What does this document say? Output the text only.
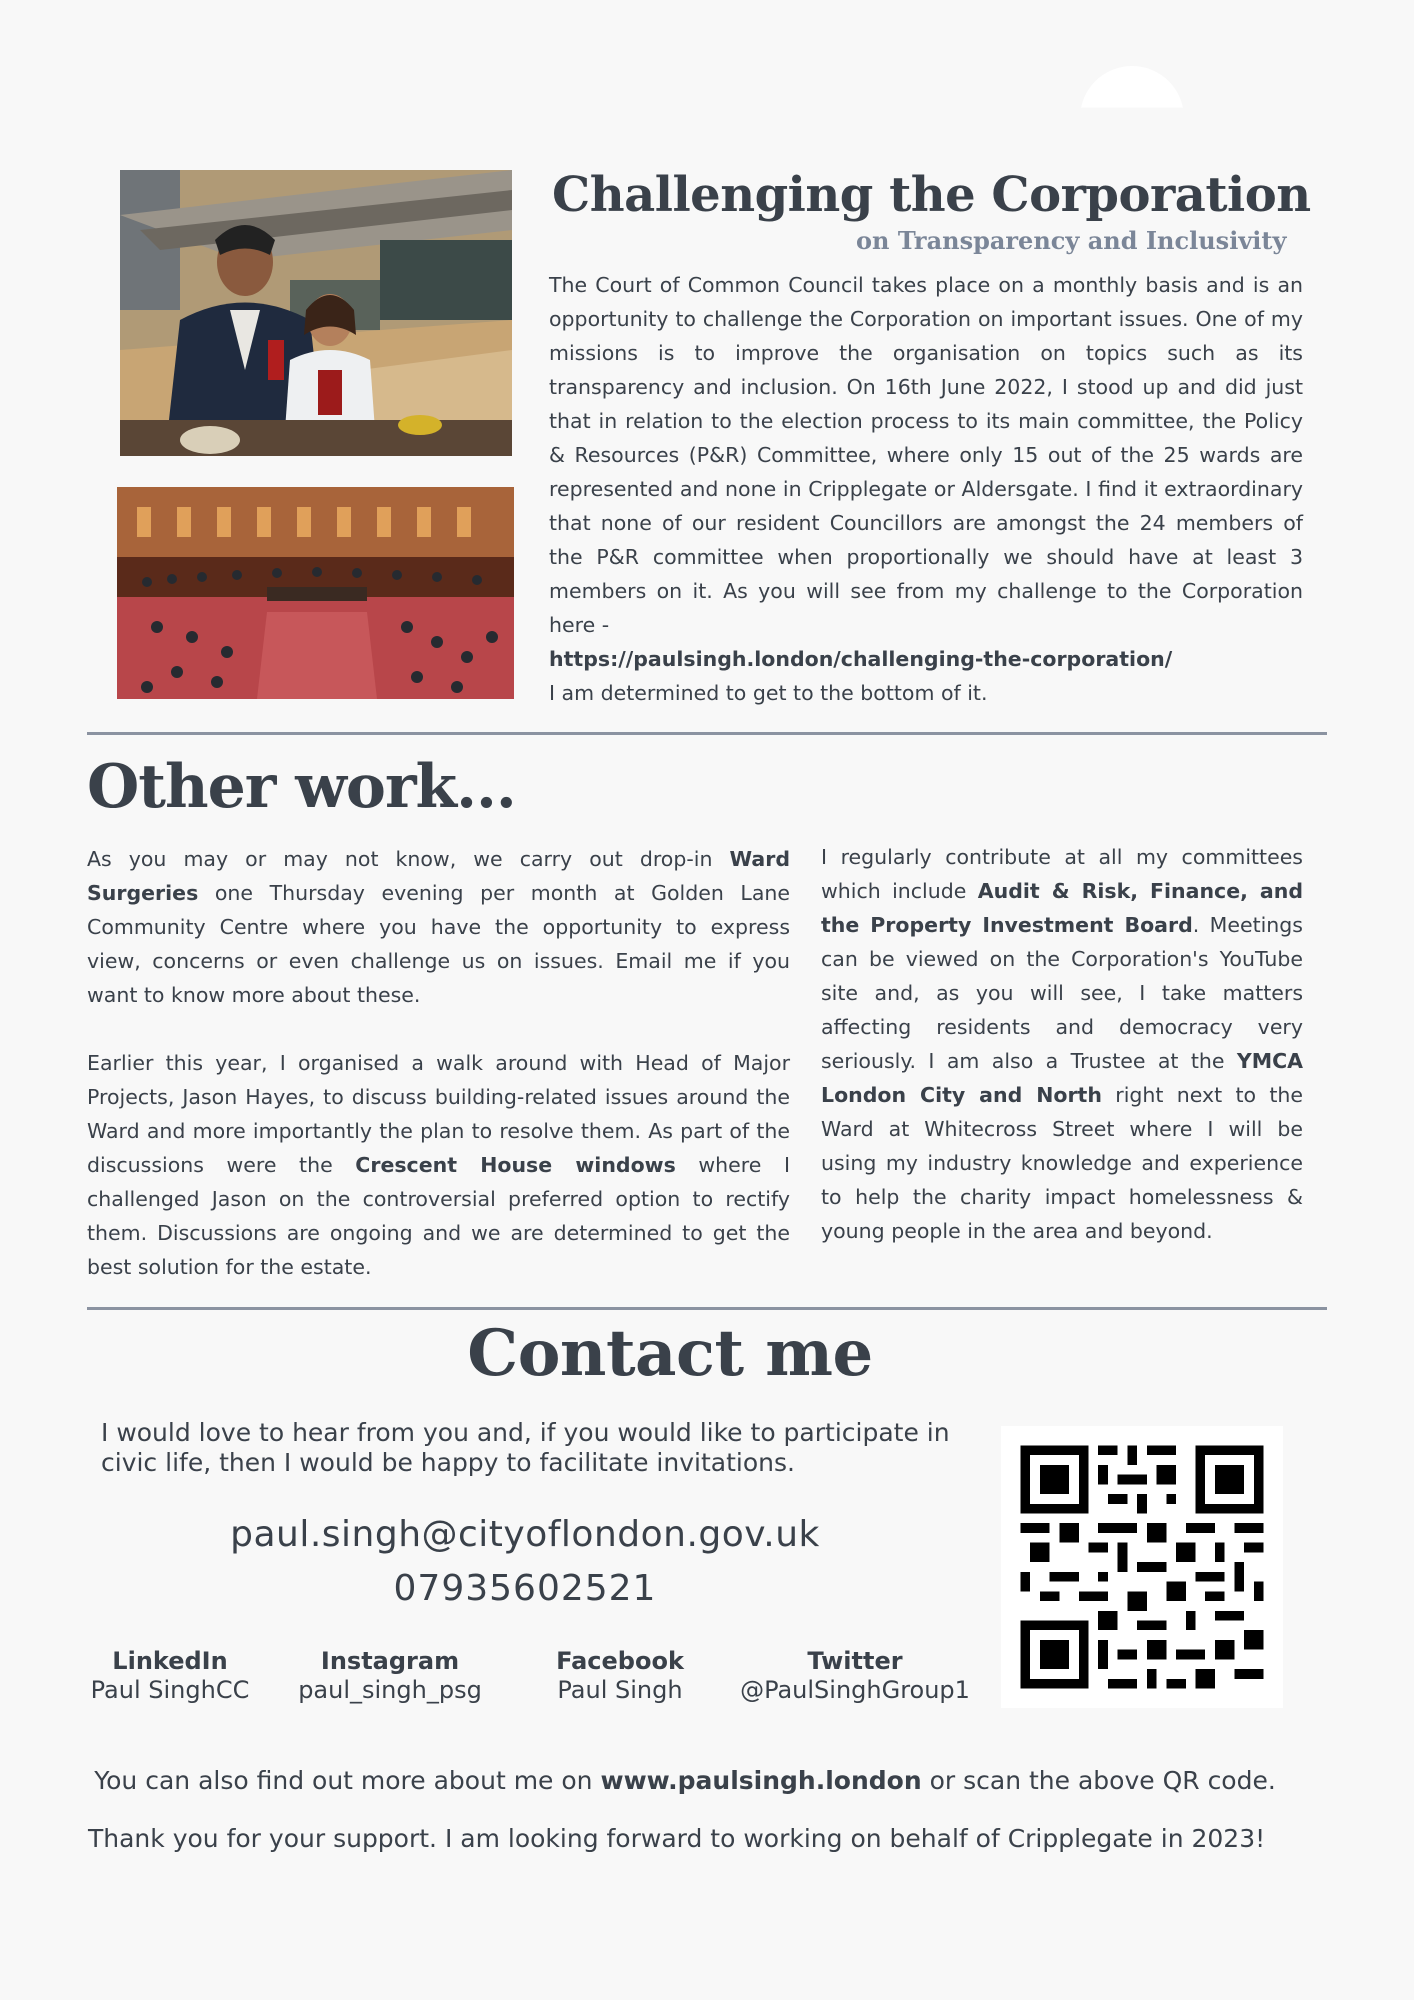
Challenging the Corporation
on Transparency and Inclusivity
The Court of Common Council takes place on a monthly basis and is an opportunity to challenge the Corporation on important issues. One of my missions is to improve the organisation on topics such as its transparency and inclusion. On 16th June 2022, I stood up and did just that in relation to the election process to its main committee, the Policy & Resources (P&R) Committee, where only 15 out of the 25 wards are represented and none in Cripplegate or Aldersgate. I find it extraordinary that none of our resident Councillors are amongst the 24 members of the P&R committee when proportionally we should have at least 3 members on it. As you will see from my challenge to the Corporation here -
https://paulsingh.london/challenging-the-corporation/
I am determined to get to the bottom of it.
Other work...

As you may or may not know, we carry out drop-in Ward Surgeries one Thursday evening per month at Golden Lane Community Centre where you have the opportunity to express view, concerns or even challenge us on issues. Email me if you want to know more about these.

Earlier this year, I organised a walk around with Head of Major Projects, Jason Hayes, to discuss building-related issues around the Ward and more importantly the plan to resolve them. As part of the discussions were the Crescent House windows where I challenged Jason on the controversial preferred option to rectify them. Discussions are ongoing and we are determined to get the best solution for the estate.

I regularly contribute at all my committees which include Audit & Risk, Finance, and the Property Investment Board. Meetings can be viewed on the Corporation's YouTube site and, as you will see, I take matters affecting residents and democracy very seriously. I am also a Trustee at the YMCA London City and North right next to the Ward at Whitecross Street where I will be using my industry knowledge and experience to help the charity impact homelessness & young people in the area and beyond.

Contact me

I would love to hear from you and, if you would like to participate in civic life, then I would be happy to facilitate invitations.

paul.singh@cityoflondon.gov.uk

07935602521

LinkedIn
Paul SinghCC
Instagram
paul_singh_psg
Facebook
Paul Singh
Twitter
@PaulSinghGroup1

You can also find out more about me on www.paulsingh.london or scan the above QR code.

Thank you for your support. I am looking forward to working on behalf of Cripplegate in 2023!
